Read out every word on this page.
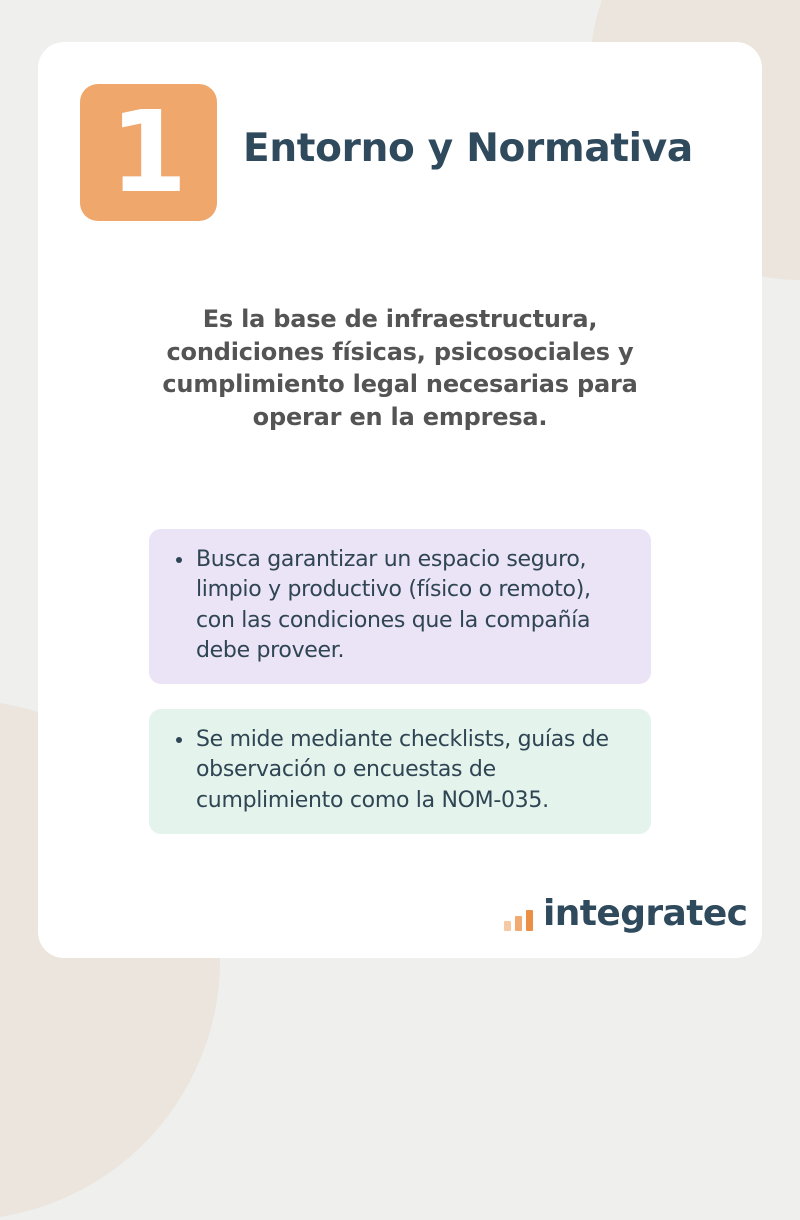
1 Entorno y Normativa

Es la base de infraestructura, condiciones físicas, psicosociales y cumplimiento legal necesarias para operar en la empresa.

Busca garantizar un espacio seguro, limpio y productivo (físico o remoto), con las condiciones que la compañía debe proveer.
Se mide mediante checklists, guías de observación o encuestas de cumplimiento como la NOM-035.
integratec
